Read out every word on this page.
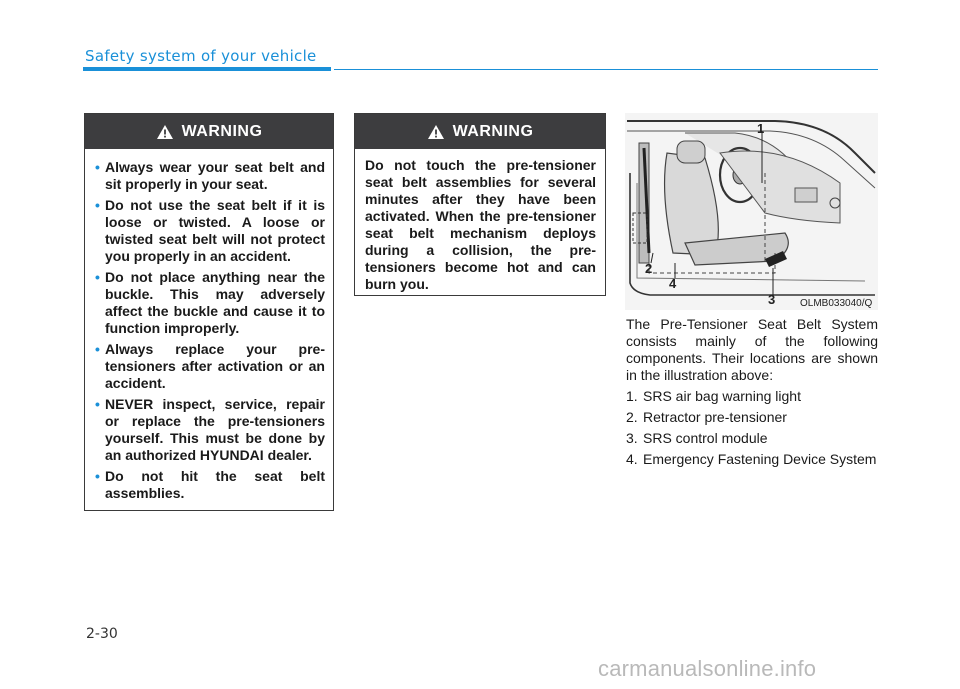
Safety system of your vehicle
WARNING
• Always wear your seat belt and sit properly in your seat.
• Do not use the seat belt if it is loose or twisted. A loose or twisted seat belt will not protect you properly in an accident.
• Do not place anything near the buckle. This may adversely affect the buckle and cause it to function improperly.
• Always replace your pre-tensioners after activation or an accident.
• NEVER inspect, service, repair or replace the pre-tensioners yourself. This must be done by an authorized HYUNDAI dealer.
• Do not hit the seat belt assemblies.
WARNING

Do not touch the pre-tensioner seat belt assemblies for several minutes after they have been activated. When the pre-tensioner seat belt mechanism deploys during a collision, the pre-tensioners become hot and can burn you.

1
2
3
4
OLMB033040/Q

The Pre-Tensioner Seat Belt System consists mainly of the following components. Their locations are shown in the illustration above:

1. SRS air bag warning light
2. Retractor pre-tensioner
3. SRS control module
4. Emergency Fastening Device System
2-30
carmanualsonline.info
